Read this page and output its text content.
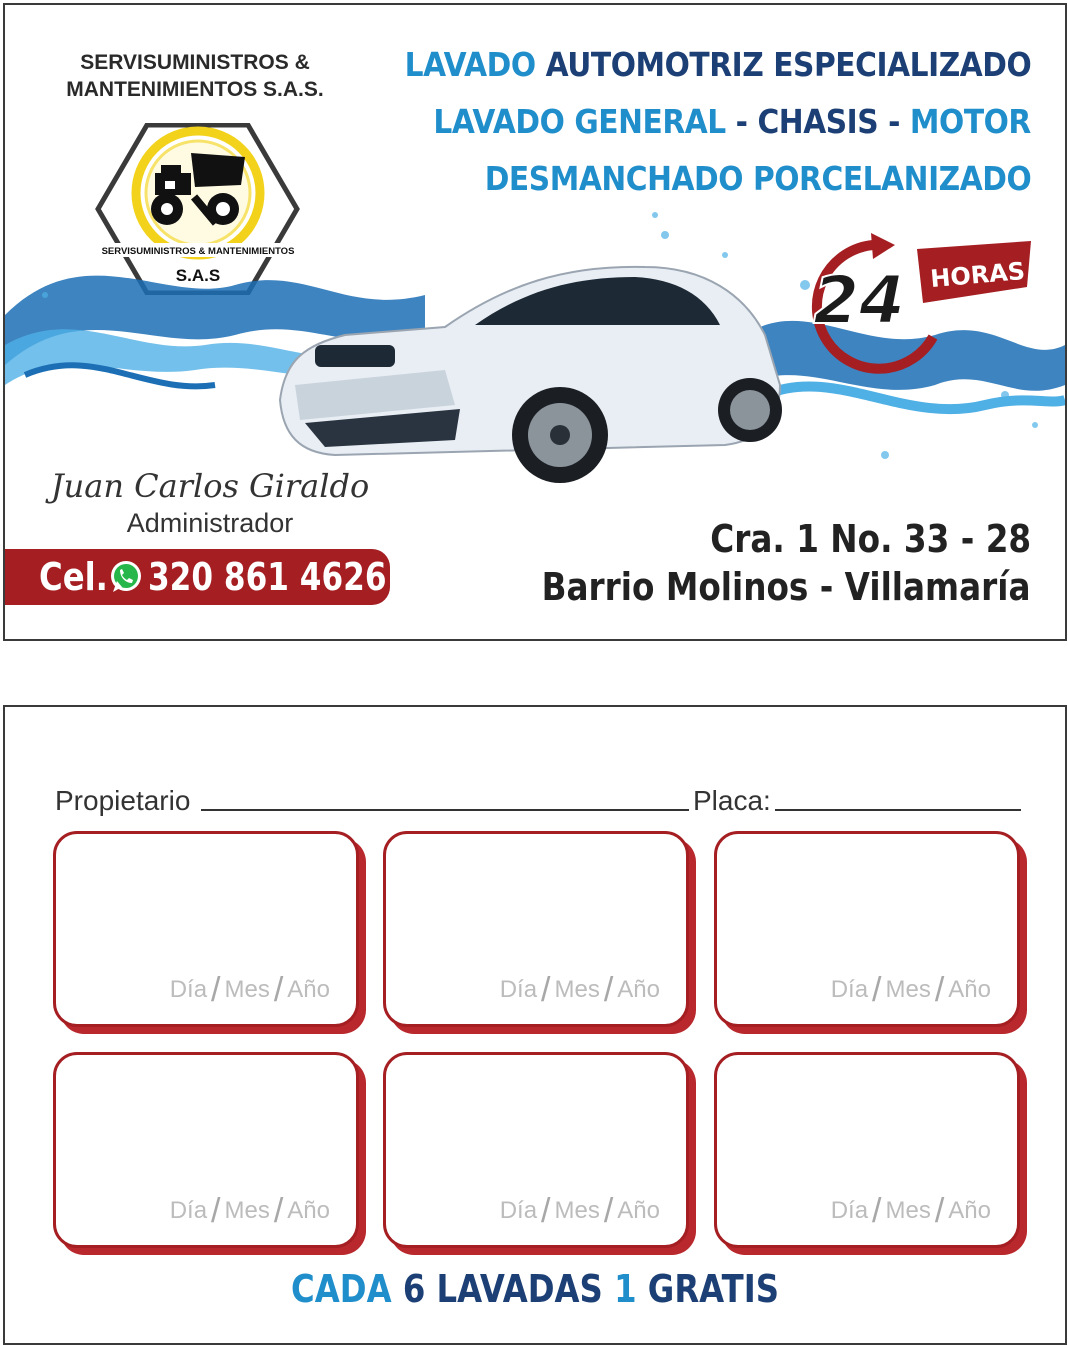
SERVISUMINISTROS &
MANTENIMIENTOS S.A.S.
SERVISUMINISTROS & MANTENIMIENTOS
S.A.S
LAVADO AUTOMOTRIZ ESPECIALIZADO
LAVADO GENERAL - CHASIS - MOTOR
DESMANCHADO PORCELANIZADO
24 HORAS
Juan Carlos Giraldo
Administrador
Cel. 320 861 4626
Cra. 1 No. 33 - 28
Barrio Molinos - Villamaría
Propietario	Placa:
Día / Mes / Año	Día / Mes / Año	Día / Mes / Año
Día / Mes / Año	Día / Mes / Año	Día / Mes / Año
CADA 6 LAVADAS 1 GRATIS
